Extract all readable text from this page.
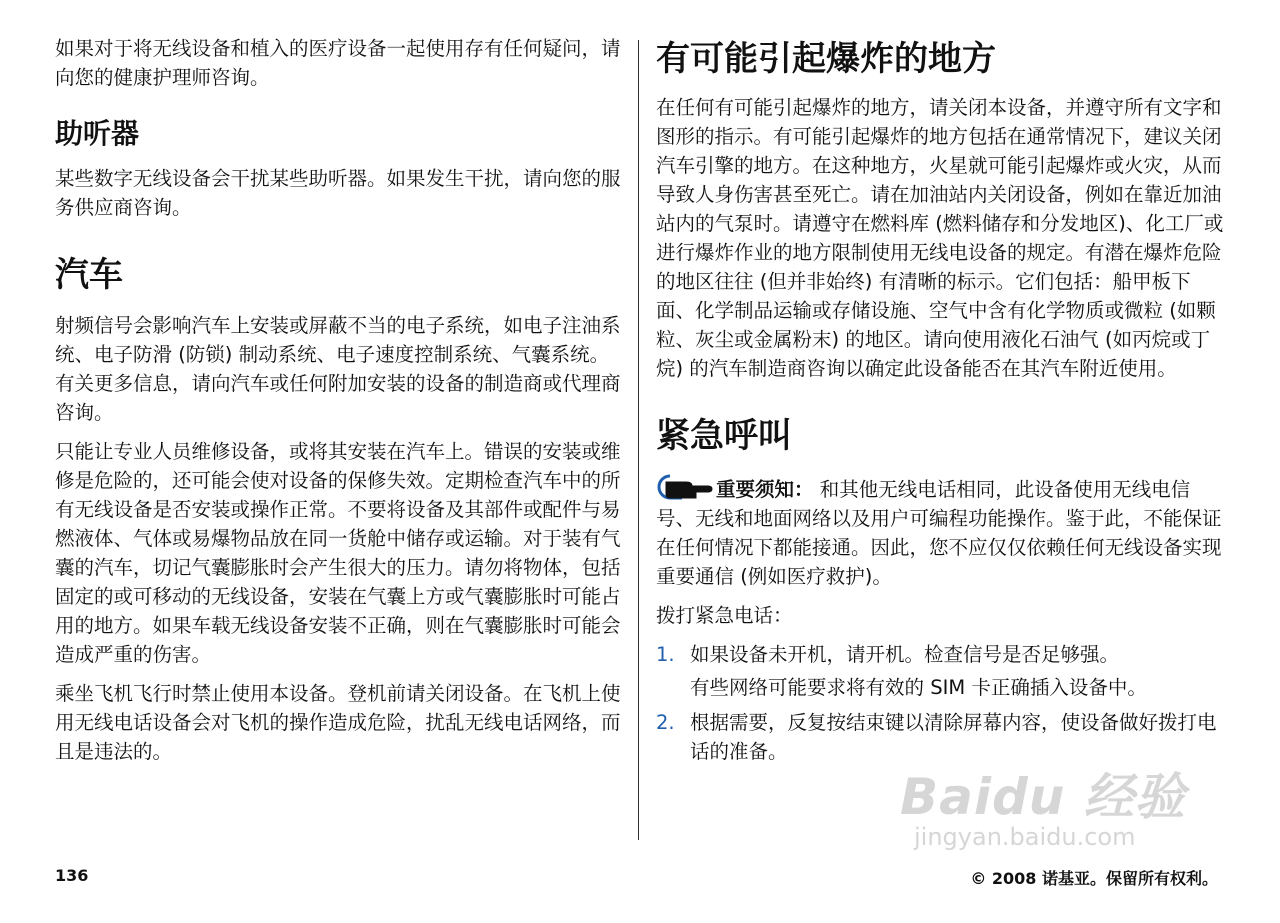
如果对于将无线设备和植入的医疗设备一起使用存有任何疑问，请向您的健康护理师咨询。

助听器

某些数字无线设备会干扰某些助听器。如果发生干扰，请向您的服务供应商咨询。

汽车

射频信号会影响汽车上安装或屏蔽不当的电子系统，如电子注油系统、电子防滑 (防锁) 制动系统、电子速度控制系统、气囊系统。有关更多信息，请向汽车或任何附加安装的设备的制造商或代理商咨询。

只能让专业人员维修设备，或将其安装在汽车上。错误的安装或维修是危险的，还可能会使对设备的保修失效。定期检查汽车中的所有无线设备是否安装或操作正常。不要将设备及其部件或配件与易燃液体、气体或易爆物品放在同一货舱中储存或运输。对于装有气囊的汽车，切记气囊膨胀时会产生很大的压力。请勿将物体，包括固定的或可移动的无线设备，安装在气囊上方或气囊膨胀时可能占用的地方。如果车载无线设备安装不正确，则在气囊膨胀时可能会造成严重的伤害。

乘坐飞机飞行时禁止使用本设备。登机前请关闭设备。在飞机上使用无线电话设备会对飞机的操作造成危险，扰乱无线电话网络，而且是违法的。

有可能引起爆炸的地方

在任何有可能引起爆炸的地方，请关闭本设备，并遵守所有文字和图形的指示。有可能引起爆炸的地方包括在通常情况下，建议关闭汽车引擎的地方。在这种地方，火星就可能引起爆炸或火灾，从而导致人身伤害甚至死亡。请在加油站内关闭设备，例如在靠近加油站内的气泵时。请遵守在燃料库 (燃料储存和分发地区)、化工厂或进行爆炸作业的地方限制使用无线电设备的规定。有潜在爆炸危险的地区往往 (但并非始终) 有清晰的标示。它们包括：船甲板下面、化学制品运输或存储设施、空气中含有化学物质或微粒 (如颗粒、灰尘或金属粉末) 的地区。请向使用液化石油气 (如丙烷或丁烷) 的汽车制造商咨询以确定此设备能否在其汽车附近使用。

紧急呼叫

重要须知： 和其他无线电话相同，此设备使用无线电信号、无线和地面网络以及用户可编程功能操作。鉴于此，不能保证在任何情况下都能接通。因此，您不应仅仅依赖任何无线设备实现重要通信 (例如医疗救护)。

拨打紧急电话：

1. 如果设备未开机，请开机。检查信号是否足够强。

有些网络可能要求将有效的 SIM 卡正确插入设备中。

2. 根据需要，反复按结束键以清除屏幕内容，使设备做好拨打电话的准备。

136	© 2008 诺基亚。保留所有权利。
Baidu 经验
jingyan.baidu.com
